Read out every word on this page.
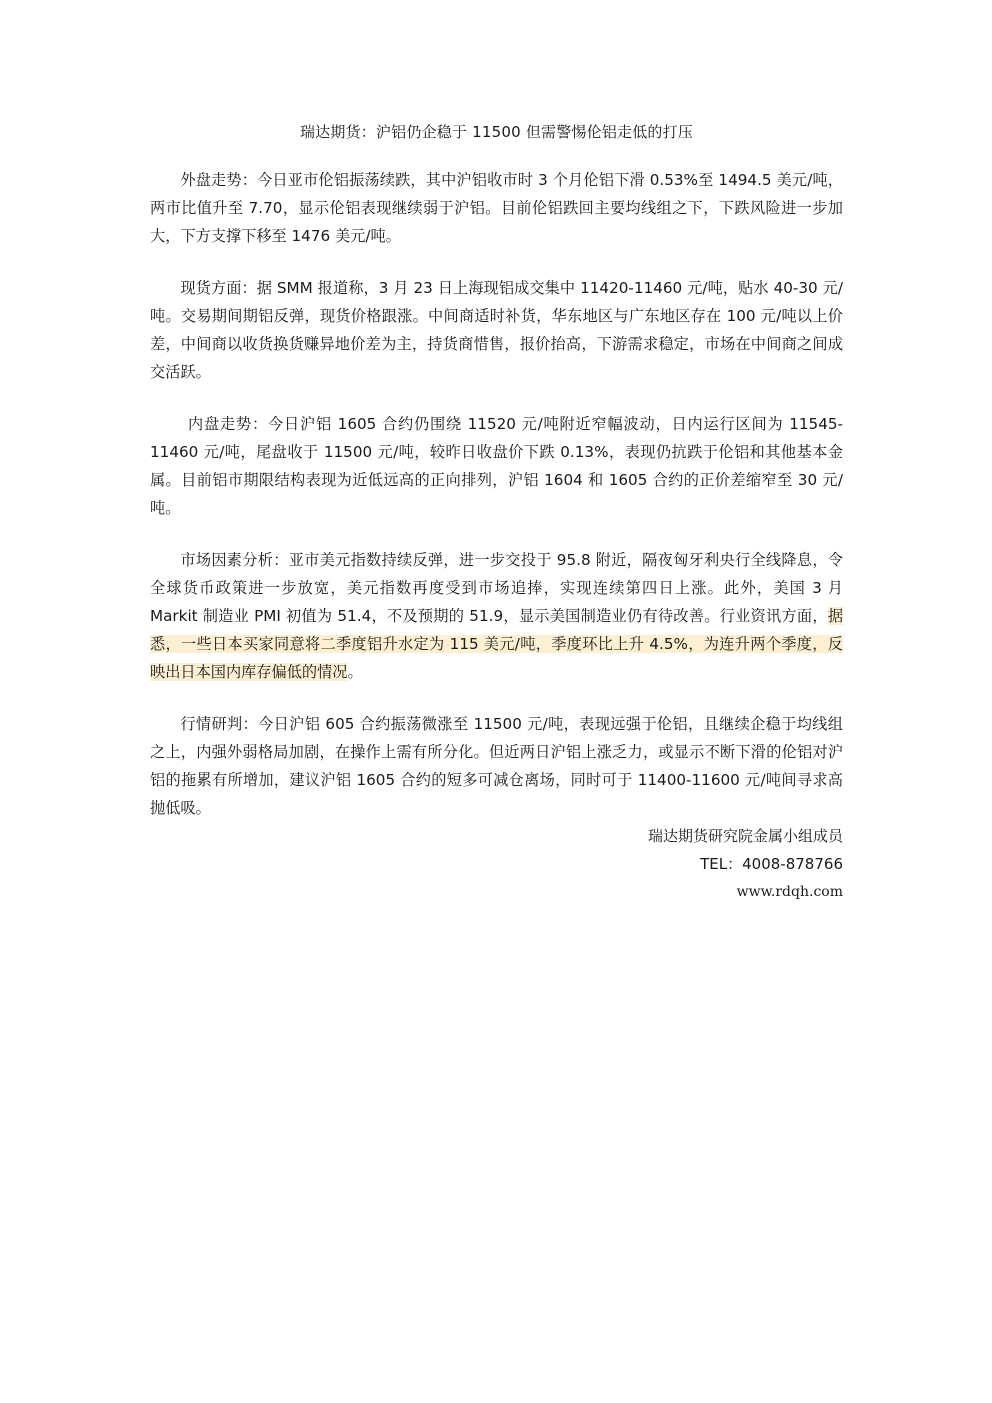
瑞达期货：沪铝仍企稳于 11500 但需警惕伦铝走低的打压

外盘走势：今日亚市伦铝振荡续跌，其中沪铝收市时 3 个月伦铝下滑 0.53%至 1494.5 美元/吨，两市比值升至 7.70，显示伦铝表现继续弱于沪铝。目前伦铝跌回主要均线组之下，下跌风险进一步加大，下方支撑下移至 1476 美元/吨。

现货方面：据 SMM 报道称，3 月 23 日上海现铝成交集中 11420-11460 元/吨，贴水 40-30 元/吨。交易期间期铝反弹，现货价格跟涨。中间商适时补货，华东地区与广东地区存在 100 元/吨以上价差，中间商以收货换货赚异地价差为主，持货商惜售，报价抬高，下游需求稳定，市场在中间商之间成交活跃。

内盘走势：今日沪铝 1605 合约仍围绕 11520 元/吨附近窄幅波动，日内运行区间为 11545-11460 元/吨，尾盘收于 11500 元/吨，较昨日收盘价下跌 0.13%，表现仍抗跌于伦铝和其他基本金属。目前铝市期限结构表现为近低远高的正向排列，沪铝 1604 和 1605 合约的正价差缩窄至 30 元/吨。

市场因素分析：亚市美元指数持续反弹，进一步交投于 95.8 附近，隔夜匈牙利央行全线降息，令全球货币政策进一步放宽，美元指数再度受到市场追捧，实现连续第四日上涨。此外，美国 3 月 Markit 制造业 PMI 初值为 51.4，不及预期的 51.9，显示美国制造业仍有待改善。行业资讯方面，据悉，一些日本买家同意将二季度铝升水定为 115 美元/吨，季度环比上升 4.5%，为连升两个季度，反映出日本国内库存偏低的情况。

行情研判：今日沪铝 605 合约振荡微涨至 11500 元/吨，表现远强于伦铝，且继续企稳于均线组之上，内强外弱格局加剧，在操作上需有所分化。但近两日沪铝上涨乏力，或显示不断下滑的伦铝对沪铝的拖累有所增加，建议沪铝 1605 合约的短多可减仓离场，同时可于 11400-11600 元/吨间寻求高抛低吸。

瑞达期货研究院金属小组成员

TEL：4008-878766

www.rdqh.com
